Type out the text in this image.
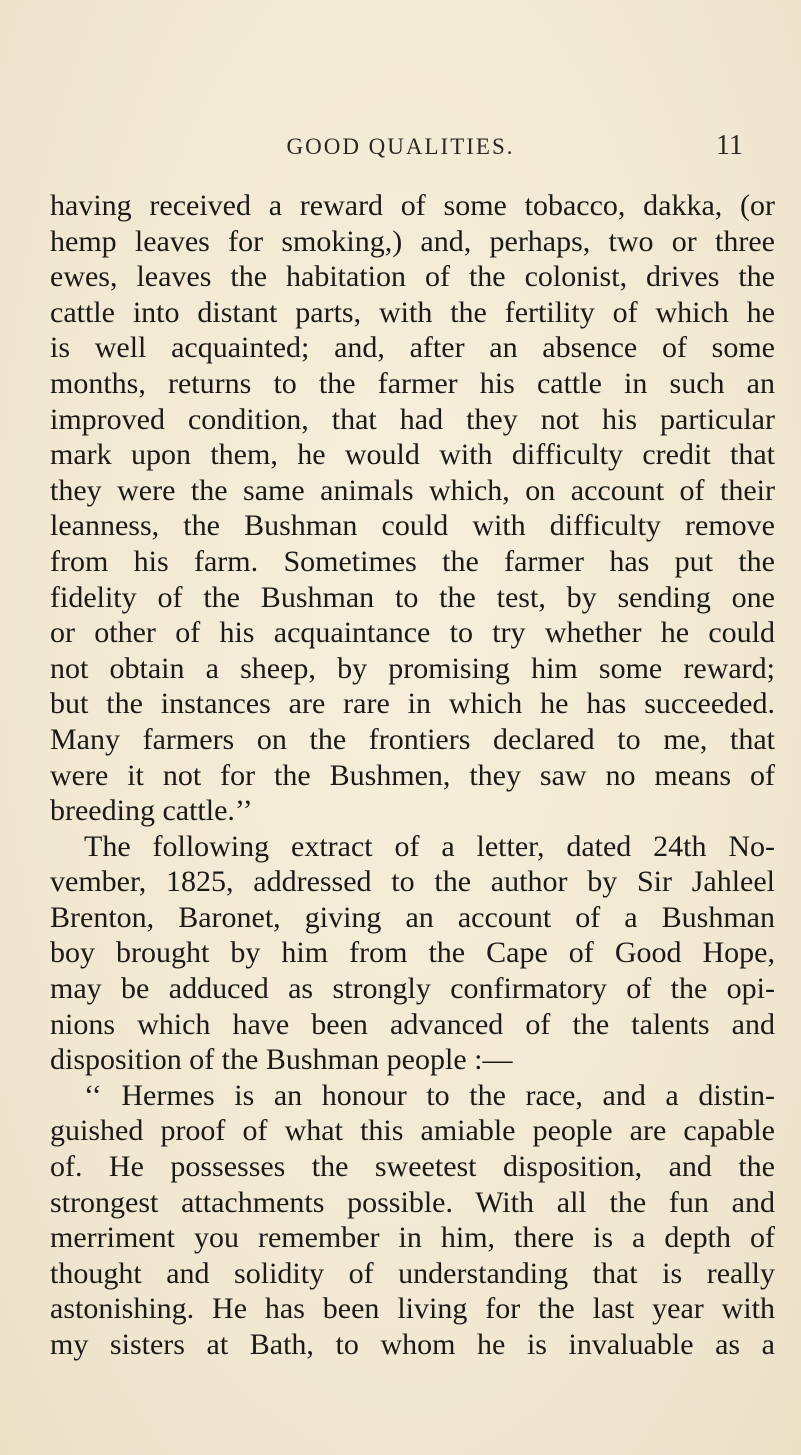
GOOD QUALITIES.	11
having received a reward of some tobacco, dakka, (or
hemp leaves for smoking,) and, perhaps, two or three
ewes, leaves the habitation of the colonist, drives the
cattle into distant parts, with the fertility of which he
is well acquainted; and, after an absence of some
months, returns to the farmer his cattle in such an
improved condition, that had they not his particular
mark upon them, he would with difficulty credit that
they were the same animals which, on account of their
leanness, the Bushman could with difficulty remove
from his farm. Sometimes the farmer has put the
fidelity of the Bushman to the test, by sending one
or other of his acquaintance to try whether he could
not obtain a sheep, by promising him some reward;
but the instances are rare in which he has succeeded.
Many farmers on the frontiers declared to me, that
were it not for the Bushmen, they saw no means of
breeding cattle.’’
The following extract of a letter, dated 24th No-
vember, 1825, addressed to the author by Sir Jahleel
Brenton, Baronet, giving an account of a Bushman
boy brought by him from the Cape of Good Hope,
may be adduced as strongly confirmatory of the opi-
nions which have been advanced of the talents and
disposition of the Bushman people :—
‘‘ Hermes is an honour to the race, and a distin-
guished proof of what this amiable people are capable
of. He possesses the sweetest disposition, and the
strongest attachments possible. With all the fun and
merriment you remember in him, there is a depth of
thought and solidity of understanding that is really
astonishing. He has been living for the last year with
my sisters at Bath, to whom he is invaluable as a
